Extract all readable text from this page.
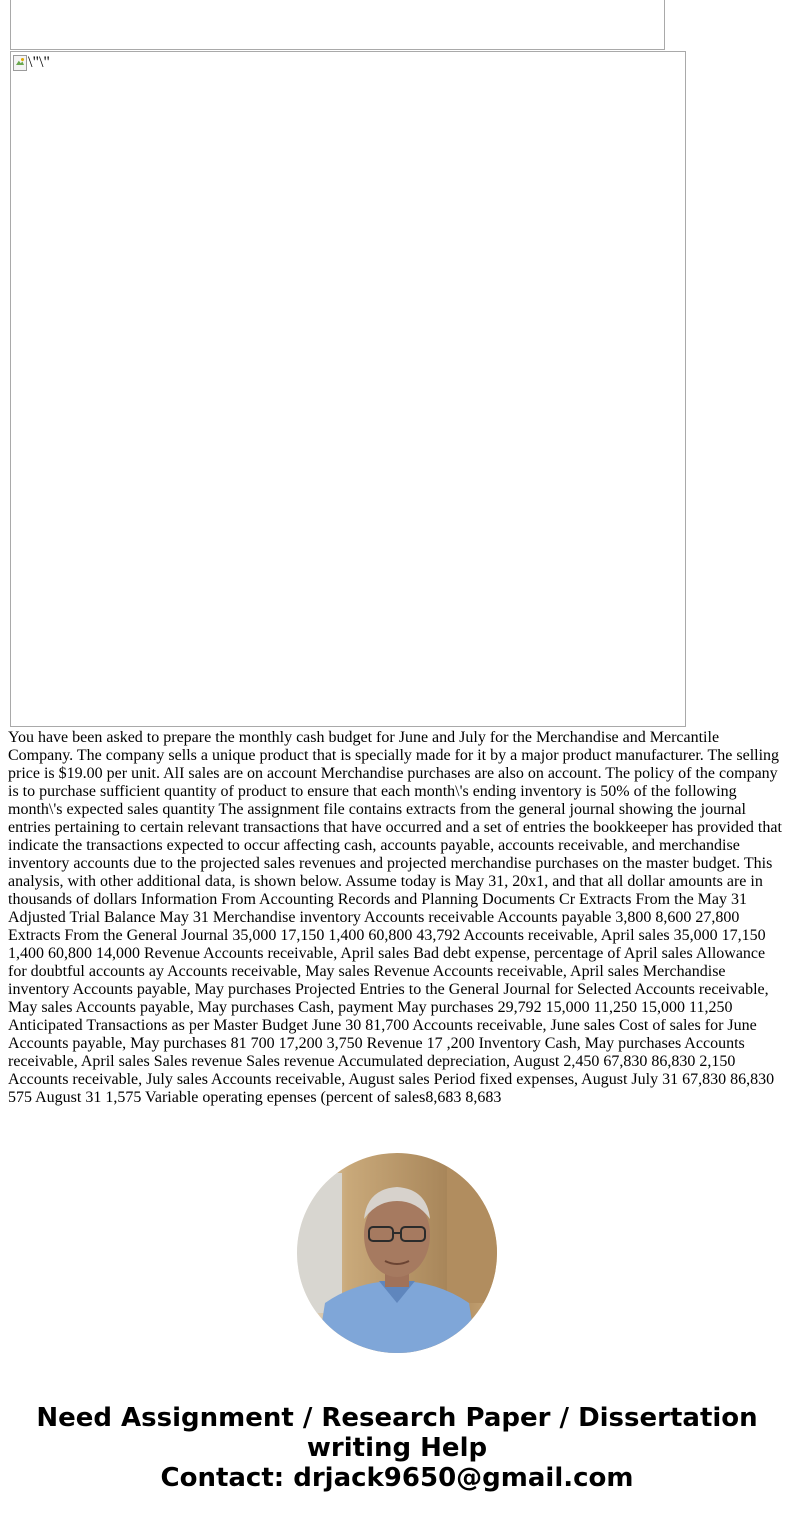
\"\"

You have been asked to prepare the monthly cash budget for June and July for the Merchandise and Mercantile Company. The company sells a unique product that is specially made for it by a major product manufacturer. The selling price is $19.00 per unit. AlI sales are on account Merchandise purchases are also on account. The policy of the company is to purchase sufficient quantity of product to ensure that each month\'s ending inventory is 50% of the following month\'s expected sales quantity The assignment file contains extracts from the general journal showing the journal entries pertaining to certain relevant transactions that have occurred and a set of entries the bookkeeper has provided that indicate the transactions expected to occur affecting cash, accounts payable, accounts receivable, and merchandise inventory accounts due to the projected sales revenues and projected merchandise purchases on the master budget. This analysis, with other additional data, is shown below. Assume today is May 31, 20x1, and that all dollar amounts are in thousands of dollars Information From Accounting Records and Planning Documents Cr Extracts From the May 31 Adjusted Trial Balance May 31 Merchandise inventory Accounts receivable Accounts payable 3,800 8,600 27,800 Extracts From the General Journal 35,000 17,150 1,400 60,800 43,792 Accounts receivable, April sales 35,000 17,150 1,400 60,800 14,000 Revenue Accounts receivable, April sales Bad debt expense, percentage of April sales Allowance for doubtful accounts ay Accounts receivable, May sales Revenue Accounts receivable, April sales Merchandise inventory Accounts payable, May purchases Projected Entries to the General Journal for Selected Accounts receivable, May sales Accounts payable, May purchases Cash, payment May purchases 29,792 15,000 11,250 15,000 11,250 Anticipated Transactions as per Master Budget June 30 81,700 Accounts receivable, June sales Cost of sales for June Accounts payable, May purchases 81 700 17,200 3,750 Revenue 17 ,200 Inventory Cash, May purchases Accounts receivable, April sales Sales revenue Sales revenue Accumulated depreciation, August 2,450 67,830 86,830 2,150 Accounts receivable, July sales Accounts receivable, August sales Period fixed expenses, August July 31 67,830 86,830 575 August 31 1,575 Variable operating epenses (percent of sales8,683 8,683

Need Assignment / Research Paper / Dissertation
writing Help
Contact: drjack9650@gmail.com
